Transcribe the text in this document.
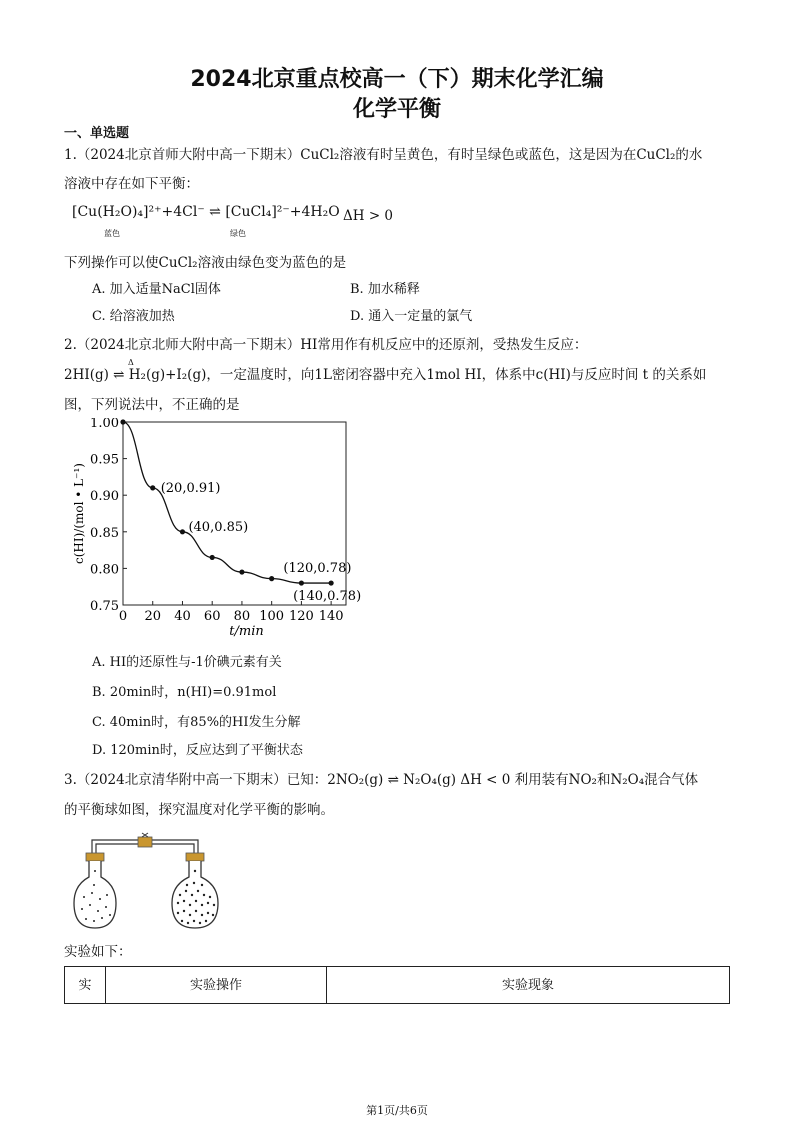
2024北京重点校高一（下）期末化学汇编
化学平衡
一、单选题
1.（2024北京首师大附中高一下期末）CuCl₂溶液有时呈黄色，有时呈绿色或蓝色，这是因为在CuCl₂的水
溶液中存在如下平衡：
[Cu(H₂O)₄]²⁺+4Cl⁻ ⇌ [CuCl₄]²⁻+4H₂O ΔH > 0
蓝色	绿色
下列操作可以使CuCl₂溶液由绿色变为蓝色的是
A. 加入适量NaCl固体	B. 加水稀释
C. 给溶液加热	D. 通入一定量的氯气
2.（2024北京北师大附中高一下期末）HI常用作有机反应中的还原剂，受热发生反应：
2HI(g) ⇌ H₂(g)+I₂(g)，一定温度时，向1L密闭容器中充入1mol HI，体系中c(HI)与反应时间 t 的关系如
Δ
图，下列说法中，不正确的是
0 20 40 60 80 100 120 140
0.75
0.80
0.85
0.90
0.95
1.00
t/min
c(HI)/(mol • L⁻¹)	(20,0.91)
(40,0.85)
(120,0.78)
(140,0.78)
A. HI的还原性与-1价碘元素有关
B. 20min时，n(HI)=0.91mol
C. 40min时，有85%的HI发生分解
D. 120min时，反应达到了平衡状态
3.（2024北京清华附中高一下期末）已知：2NO₂(g) ⇌ N₂O₄(g) ΔH < 0 利用装有NO₂和N₂O₄混合气体
的平衡球如图，探究温度对化学平衡的影响。
实验如下：
实	实验操作	实验现象
第1页/共6页
